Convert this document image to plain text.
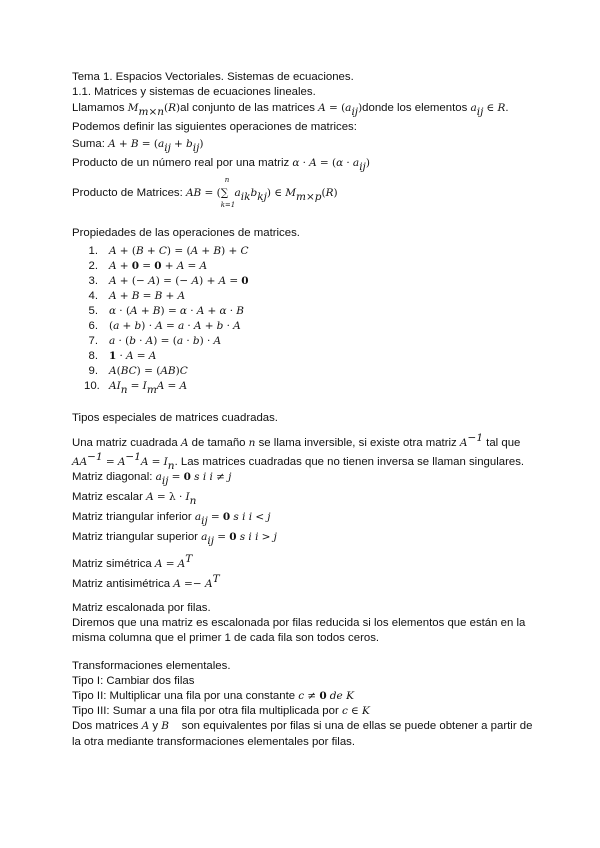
Tema 1. Espacios Vectoriales. Sistemas de ecuaciones.
1.1. Matrices y sistemas de ecuaciones lineales.
Llamamos $M_{m\times n}(R)al$ conjunto de las matrices $A = (a_{ij})donde$ los elementos $a_{ij}$ ∈ R.
Podemos definir las siguientes operaciones de matrices:
Suma: $A + B = (a_{ij} + b_{ij})$
Producto de un número real por una matriz $\alpha \cdot A = (\alpha \cdot a_{ij})$
Producto de Matrices: AB = (∑
n
k=1
$a_{ik}b_{kj}$) ∈ $M_{m\times p}(R)$
Propiedades de las operaciones de matrices.
1. A + (B + C) = (A + B) + C
2. A + 0 = 0 + A = A
3. A + (− A) = (− A) + A = 0
4. A + B = B + A
5. α · (A + B) = α · A + α · B
6. (a + b) · A = a · A + b · A
7. a · (b · A) = (a · b) · A
8. 1 · A = A
9. A(BC) = (AB)C
10. $AI_n = I_mA = A$
Tipos especiales de matrices cuadradas.
Una matriz cuadrada A de tamaño n se llama inversible, si existe otra matriz $A^{-1}$ tal que
$AA^{-1} = A^{-1}A = I_n$. Las matrices cuadradas que no tienen inversa se llaman singulares.
Matriz diagonal: $a_{ij} = 0$ s i i ≠ j
Matriz escalar $A = \lambda \cdot I_n$
Matriz triangular inferior $a_{ij} = 0$ s i i < j
Matriz triangular superior $a_{ij} = 0$ s i i > j
Matriz simétrica $A = A^T$
Matriz antisimétrica $A =- A^T$
Matriz escalonada por filas.
Diremos que una matriz es escalonada por filas reducida si los elementos que están en la
misma columna que el primer 1 de cada fila son todos ceros.
Transformaciones elementales.
Tipo I: Cambiar dos filas
Tipo II: Multiplicar una fila por una constante c ≠ 0 de K
Tipo III: Sumar a una fila por otra fila multiplicada por c ∈ K
Dos matrices A y B son equivalentes por filas si una de ellas se puede obtener a partir de
la otra mediante transformaciones elementales por filas.
